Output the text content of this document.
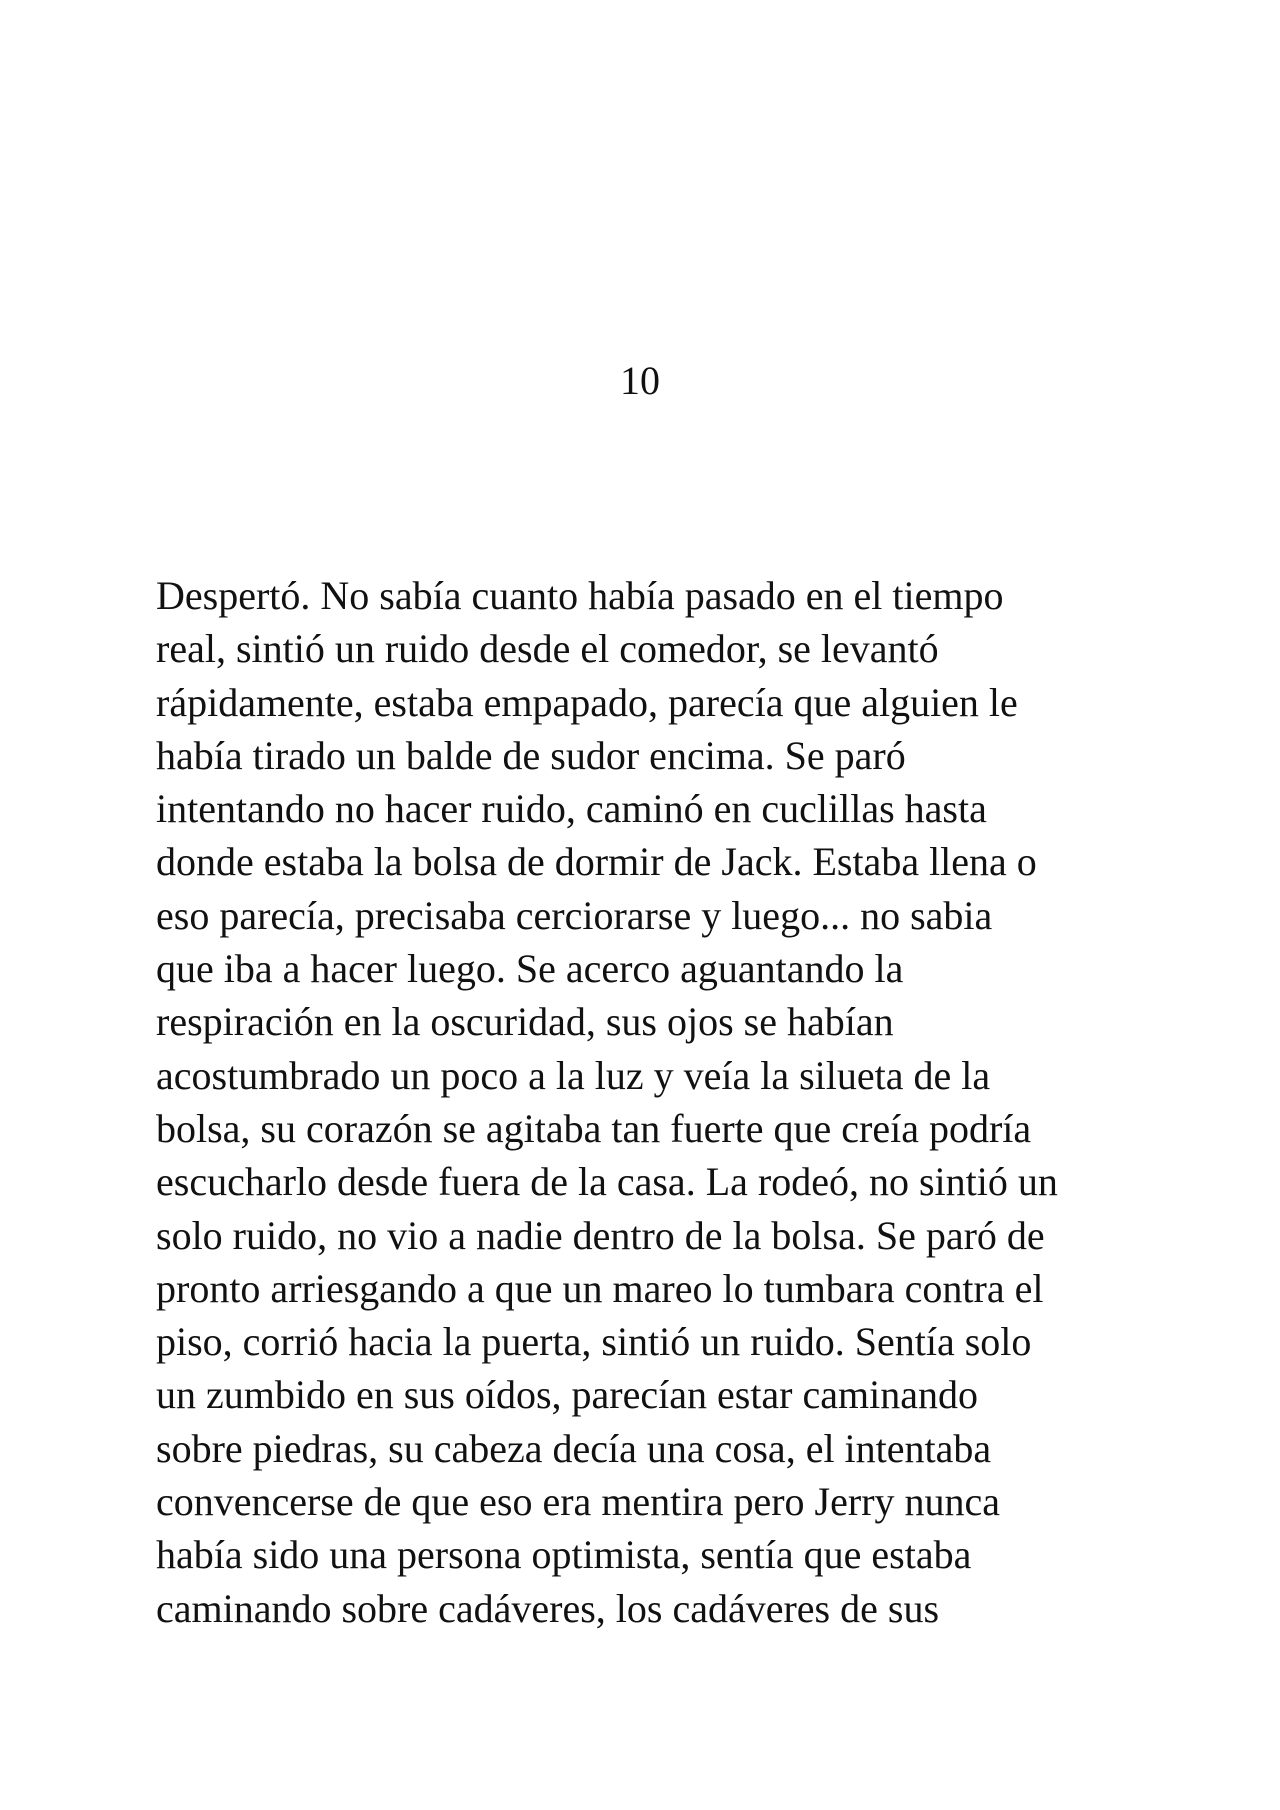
10
Despertó. No sabía cuanto había pasado en el tiempo
real, sintió un ruido desde el comedor, se levantó
rápidamente, estaba empapado, parecía que alguien le
había tirado un balde de sudor encima. Se paró
intentando no hacer ruido, caminó en cuclillas hasta
donde estaba la bolsa de dormir de Jack. Estaba llena o
eso parecía, precisaba cerciorarse y luego... no sabia
que iba a hacer luego. Se acerco aguantando la
respiración en la oscuridad, sus ojos se habían
acostumbrado un poco a la luz y veía la silueta de la
bolsa, su corazón se agitaba tan fuerte que creía podría
escucharlo desde fuera de la casa. La rodeó, no sintió un
solo ruido, no vio a nadie dentro de la bolsa. Se paró de
pronto arriesgando a que un mareo lo tumbara contra el
piso, corrió hacia la puerta, sintió un ruido. Sentía solo
un zumbido en sus oídos, parecían estar caminando
sobre piedras, su cabeza decía una cosa, el intentaba
convencerse de que eso era mentira pero Jerry nunca
había sido una persona optimista, sentía que estaba
caminando sobre cadáveres, los cadáveres de sus
